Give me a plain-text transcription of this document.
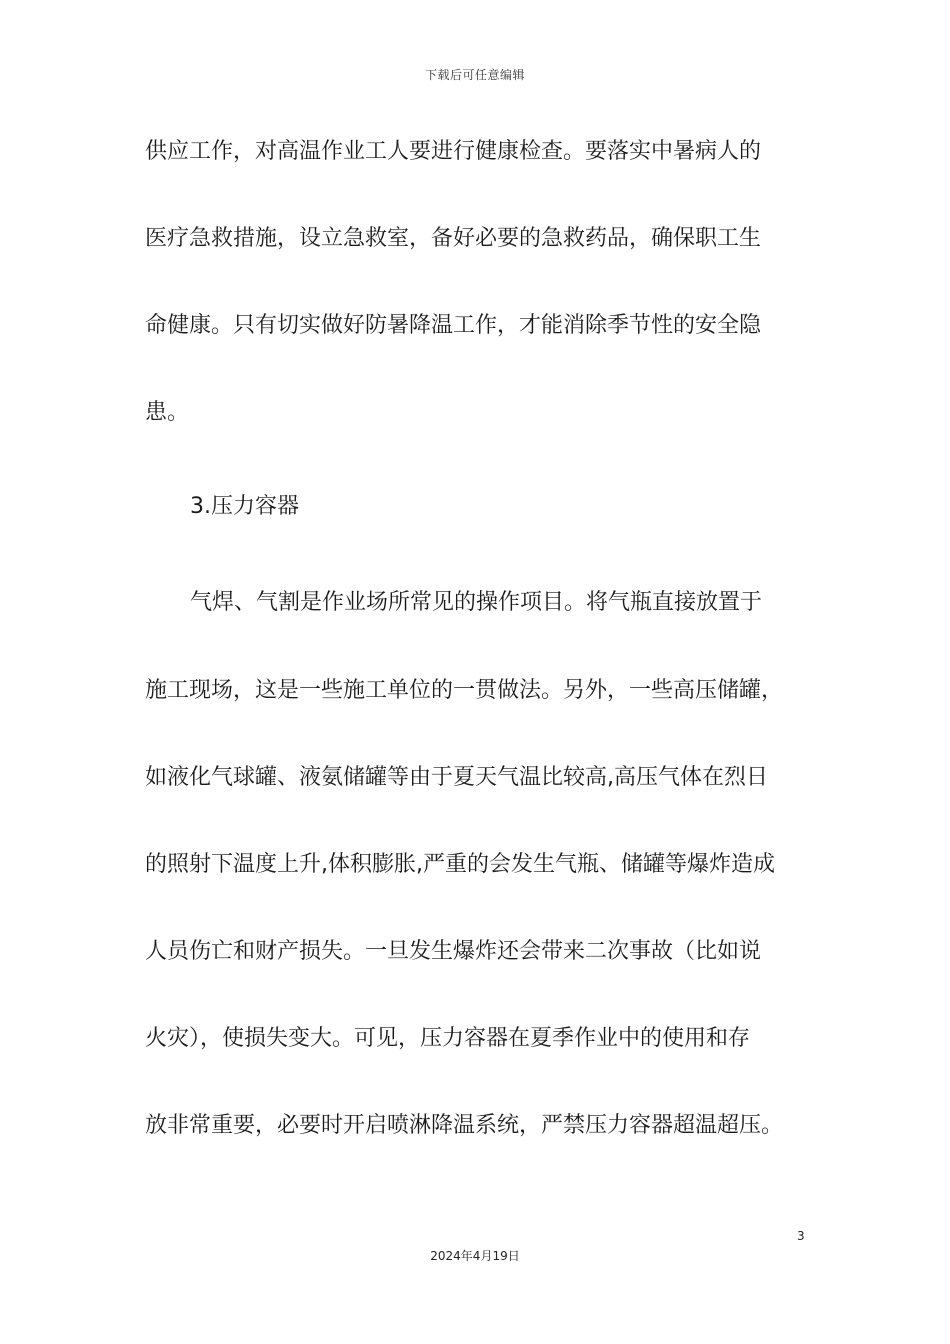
下载后可任意编辑
供应工作，对高温作业工人要进行健康检查。要落实中暑病人的
医疗急救措施，设立急救室，备好必要的急救药品，确保职工生
命健康。只有切实做好防暑降温工作，才能消除季节性的安全隐
患。
3.压力容器
气焊、气割是作业场所常见的操作项目。将气瓶直接放置于
施工现场，这是一些施工单位的一贯做法。另外，一些高压储罐，
如液化气球罐、液氨储罐等由于夏天气温比较高,高压气体在烈日
的照射下温度上升,体积膨胀,严重的会发生气瓶、储罐等爆炸造成
人员伤亡和财产损失。一旦发生爆炸还会带来二次事故（比如说
火灾），使损失变大。可见，压力容器在夏季作业中的使用和存
放非常重要，必要时开启喷淋降温系统，严禁压力容器超温超压。
3
2024年4月19日
